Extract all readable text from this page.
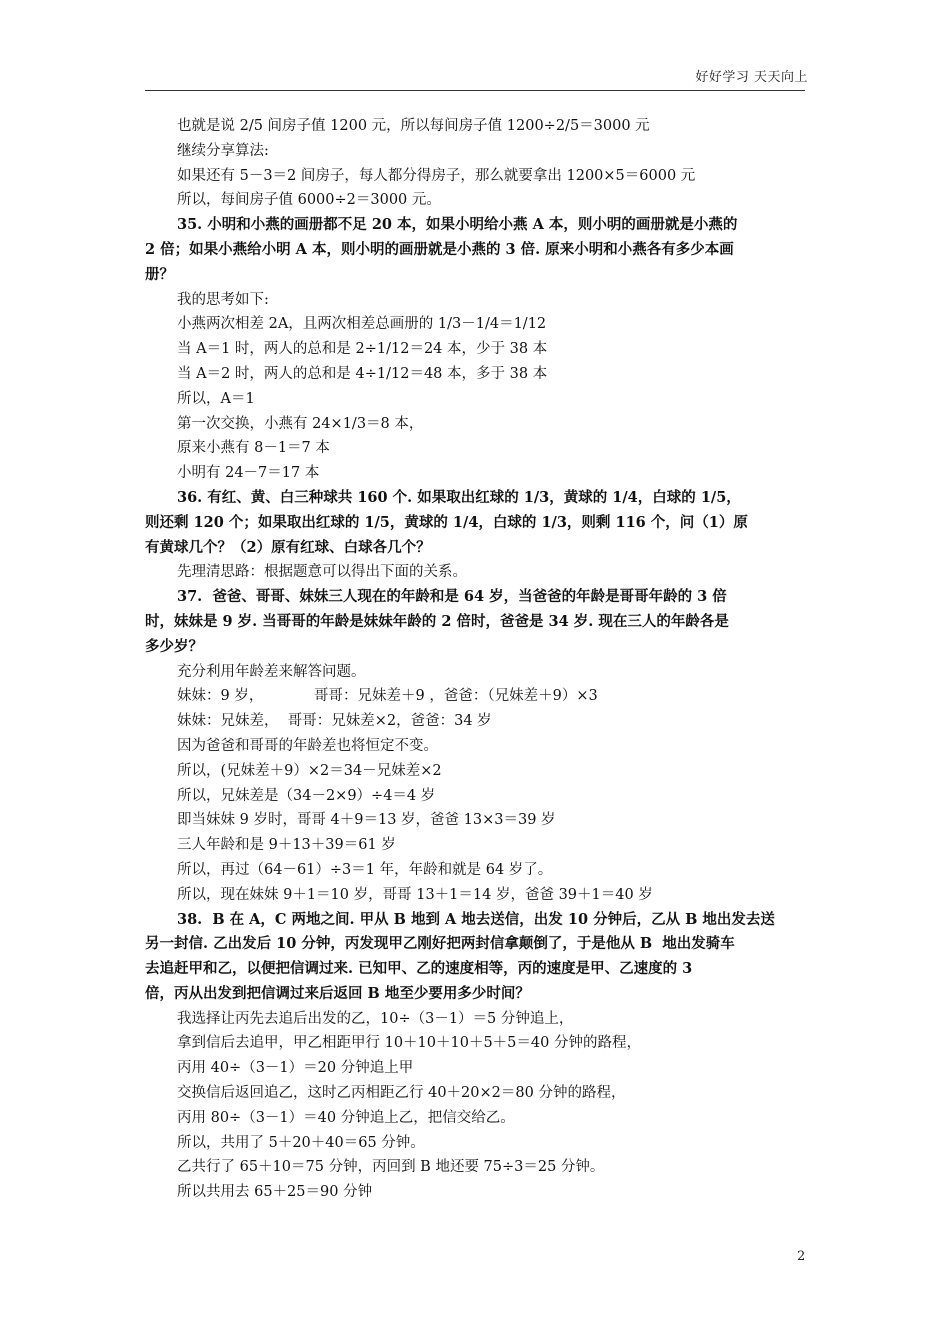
好好学习 天天向上
也就是说 2/5 间房子值 1200 元，所以每间房子值 1200÷2/5＝3000 元
继续分享算法:
如果还有 5－3＝2 间房子，每人都分得房子，那么就要拿出 1200×5＝6000 元
所以，每间房子值 6000÷2＝3000 元。
35. 小明和小燕的画册都不足 20 本，如果小明给小燕 A 本，则小明的画册就是小燕的
2 倍；如果小燕给小明 A 本，则小明的画册就是小燕的 3 倍. 原来小明和小燕各有多少本画
册？
我的思考如下:
小燕两次相差 2A，且两次相差总画册的 1/3－1/4＝1/12
当 A＝1 时，两人的总和是 2÷1/12＝24 本，少于 38 本
当 A＝2 时，两人的总和是 4÷1/12＝48 本，多于 38 本
所以，A＝1
第一次交换，小燕有 24×1/3＝8 本，
原来小燕有 8－1＝7 本
小明有 24－7＝17 本
36. 有红、黄、白三种球共 160 个. 如果取出红球的 1/3，黄球的 1/4，白球的 1/5，
则还剩 120 个；如果取出红球的 1/5，黄球的 1/4，白球的 1/3，则剩 116 个，问（1）原
有黄球几个？（2）原有红球、白球各几个？
先理清思路：根据题意可以得出下面的关系。
37.  爸爸、哥哥、妹妹三人现在的年龄和是 64 岁，当爸爸的年龄是哥哥年龄的 3 倍
时，妹妹是 9 岁. 当哥哥的年龄是妹妹年龄的 2 倍时，爸爸是 34 岁. 现在三人的年龄各是
多少岁？
充分利用年龄差来解答问题。
妹妹：9 岁，           哥哥：兄妹差＋9 ，爸爸：（兄妹差＋9）×3
妹妹：兄妹差，  哥哥：兄妹差×2，爸爸：34 岁
因为爸爸和哥哥的年龄差也将恒定不变。
所以，(兄妹差＋9）×2＝34－兄妹差×2
所以，兄妹差是（34－2×9）÷4＝4 岁
即当妹妹 9 岁时，哥哥 4＋9＝13 岁，爸爸 13×3＝39 岁
三人年龄和是 9＋13＋39＝61 岁
所以，再过（64－61）÷3＝1 年，年龄和就是 64 岁了。
所以，现在妹妹 9＋1＝10 岁，哥哥 13＋1＝14 岁，爸爸 39＋1＝40 岁
38.  B 在 A，C 两地之间. 甲从 B 地到 A 地去送信，出发 10 分钟后，乙从 B 地出发去送
另一封信. 乙出发后 10 分钟，丙发现甲乙刚好把两封信拿颠倒了，于是他从 B  地出发骑车
去追赶甲和乙，以便把信调过来. 已知甲、乙的速度相等，丙的速度是甲、乙速度的 3
倍，丙从出发到把信调过来后返回 B 地至少要用多少时间？
我选择让丙先去追后出发的乙，10÷（3－1）＝5 分钟追上，
拿到信后去追甲，甲乙相距甲行 10＋10＋10＋5＋5＝40 分钟的路程，
丙用 40÷（3－1）＝20 分钟追上甲
交换信后返回追乙，这时乙丙相距乙行 40＋20×2＝80 分钟的路程，
丙用 80÷（3－1）＝40 分钟追上乙，把信交给乙。
所以，共用了 5＋20＋40＝65 分钟。
乙共行了 65＋10＝75 分钟，丙回到 B 地还要 75÷3＝25 分钟。
所以共用去 65＋25＝90 分钟
2
